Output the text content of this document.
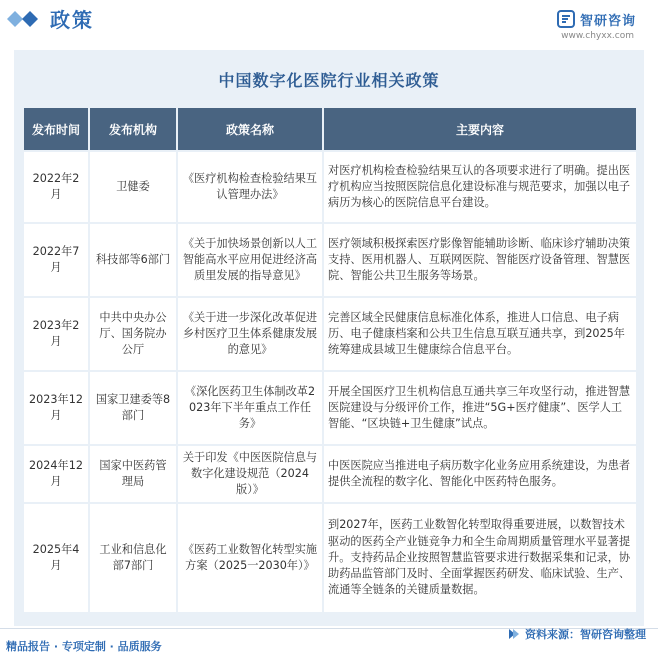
政策	智研咨询
www.chyxx.com
中国数字化医院行业相关政策
发布时间	发布机构	政策名称	主要内容
2022年2月	卫健委	《医疗机构检查检验结果互认管理办法》	对医疗机构检查检验结果互认的各项要求进行了明确。提出医疗机构应当按照医院信息化建设标准与规范要求，加强以电子病历为核心的医院信息平台建设。
2022年7月	科技部等6部门	《关于加快场景创新以人工智能高水平应用促进经济高质里发展的指导意见》	医疗领域积极探索医疗影像智能辅助诊断、临床诊疗辅助决策支持、医用机器人、互联网医院、智能医疗设备管理、智慧医院、智能公共卫生服务等场景。
2023年2月	中共中央办公厅、国务院办公厅	《关于进一步深化改革促进乡村医疗卫生体系健康发展的意见》	完善区域全民健康信息标准化体系，推进人口信息、电子病历、电子健康档案和公共卫生信息互联互通共享，到2025年统筹建成县域卫生健康综合信息平台。
2023年12月	国家卫建委等8部门	《深化医药卫生体制改革2023年下半年重点工作任务》	开展全国医疗卫生机构信息互通共享三年攻坚行动，推进智慧医院建设与分级评价工作，推进“5G+医疗健康”、医学人工智能、“区块链+卫生健康”试点。
2024年12月	国家中医药管理局	关于印发《中医医院信息与数字化建设规范（2024版）》	中医医院应当推进电子病历数字化业务应用系统建设，为患者提供全流程的数字化、智能化中医药特色服务。
2025年4月	工业和信息化部7部门	《医药工业数智化转型实施方案（2025一2030年）》	到2027年，医药工业数智化转型取得重要进展，以数智技术驱动的医药全产业链竞争力和全生命周期质量管理水平显著提升。支持药品企业按照智慧监管要求进行数据采集和记录，协助药品监管部门及时、全面掌握医药研发、临床试验、生产、流通等全链条的关键质量数据。
精品报告 · 专项定制 · 品质服务
资料来源： 智研咨询整理
